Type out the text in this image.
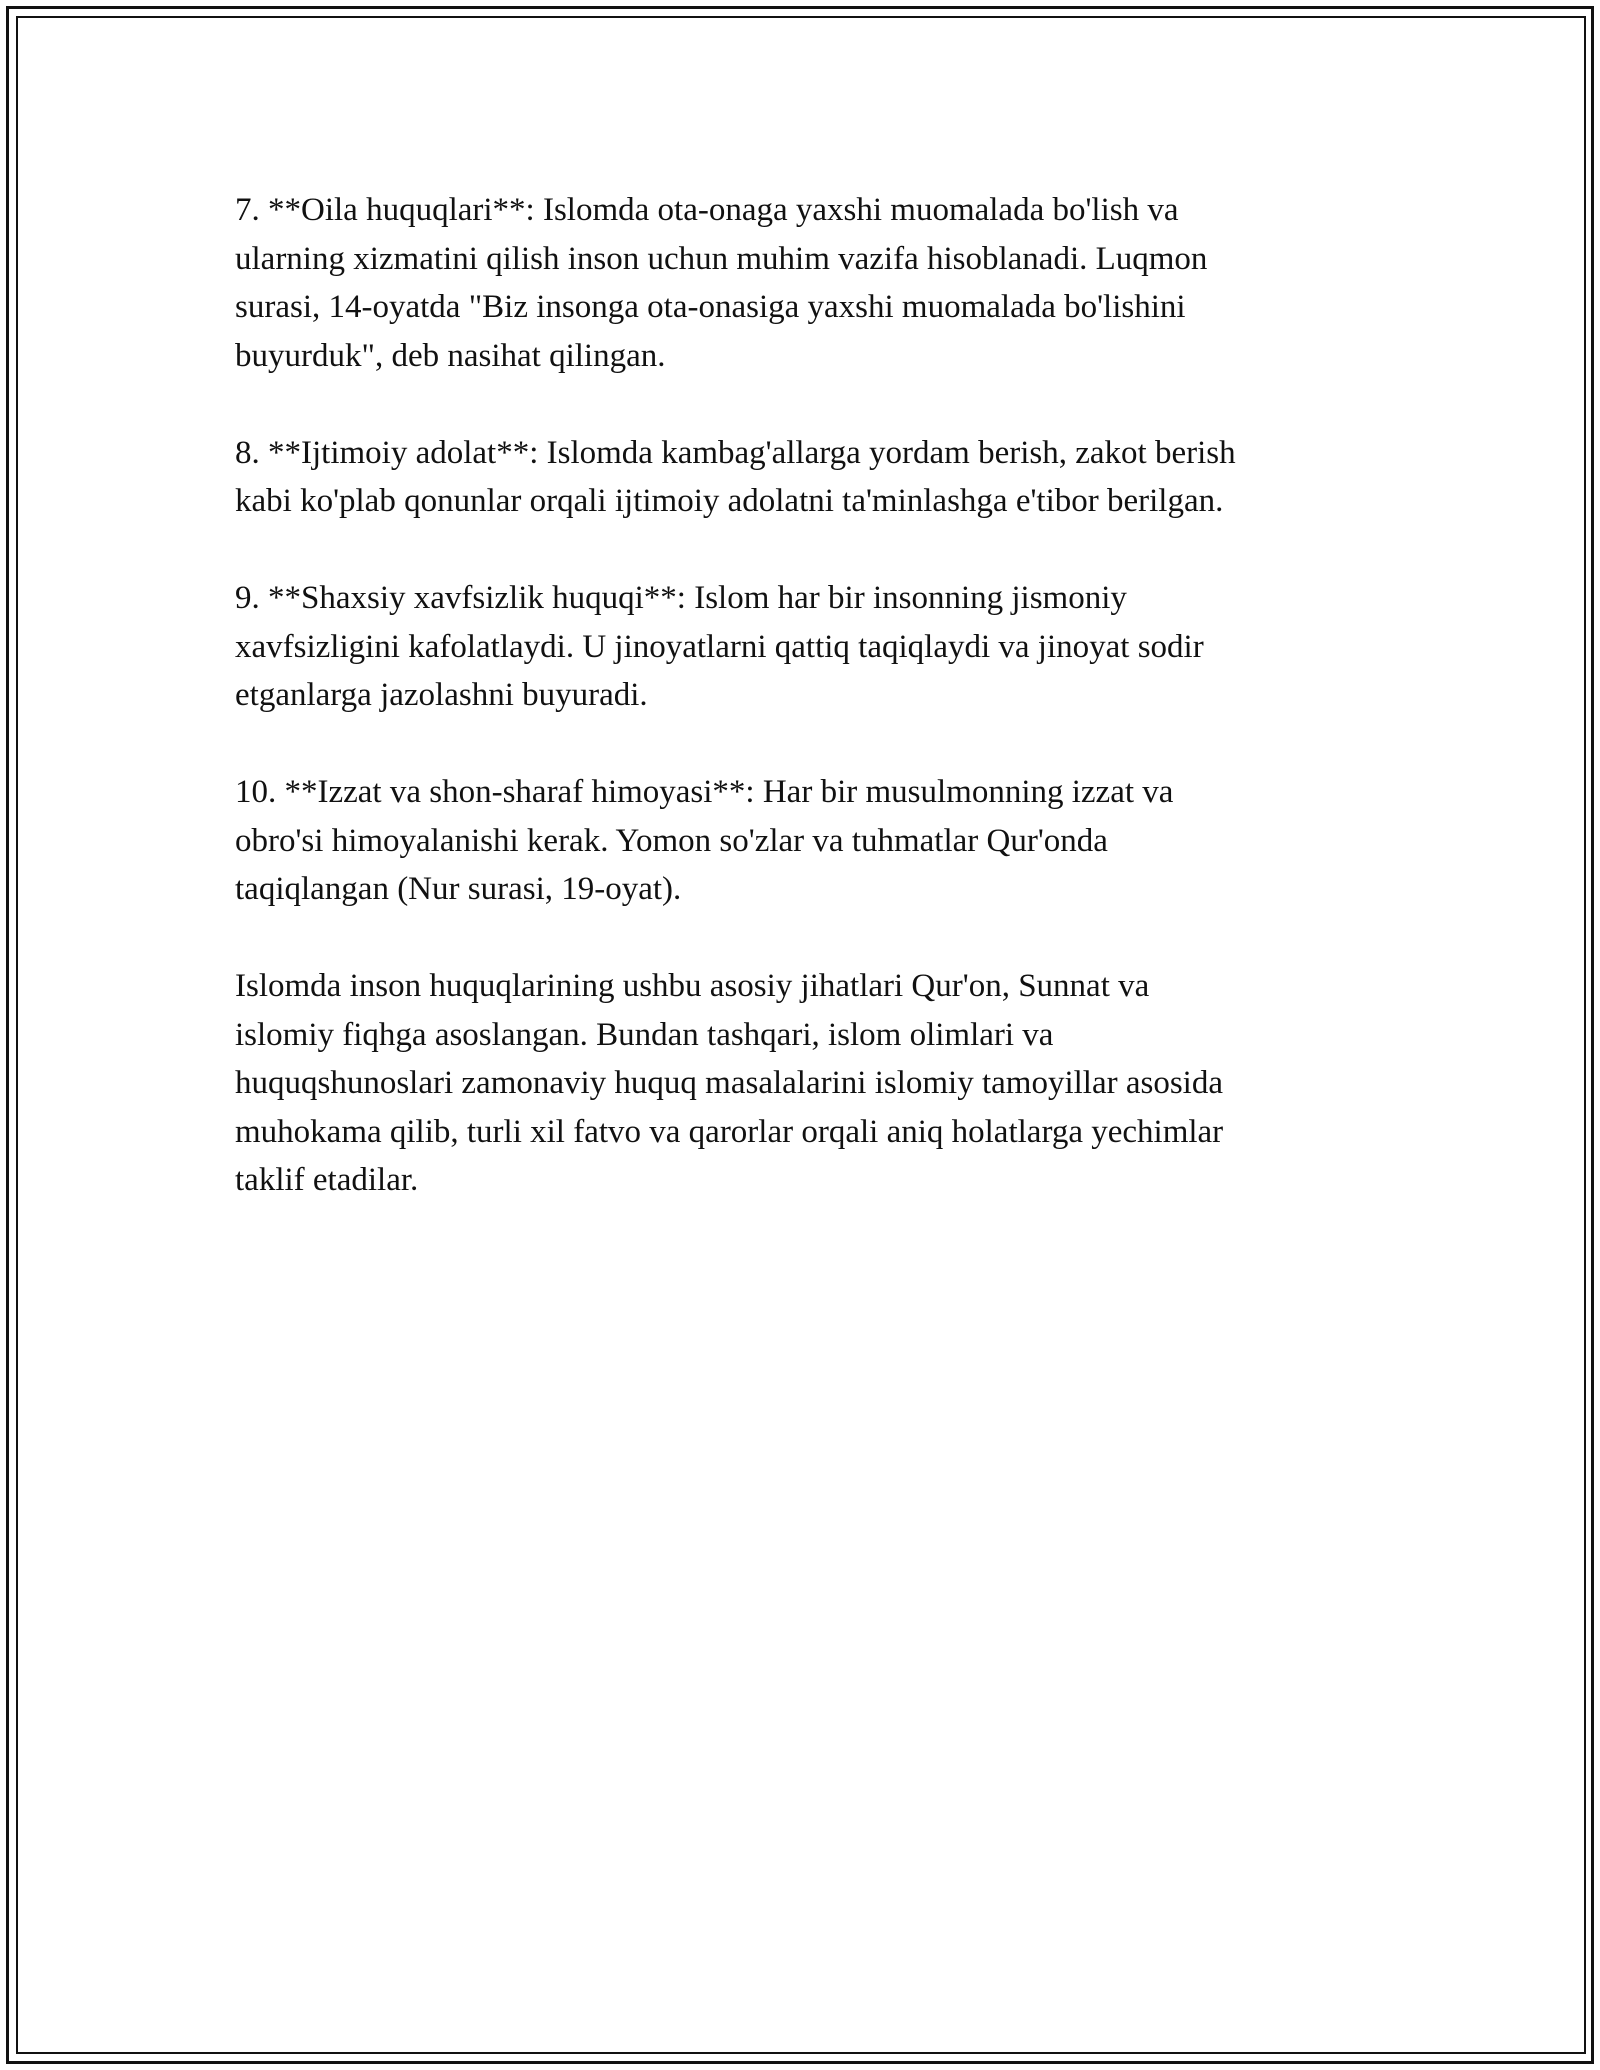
7. **Oila huquqlari**: Islomda ota-onaga yaxshi muomalada bo'lish va
ularning xizmatini qilish inson uchun muhim vazifa hisoblanadi. Luqmon
surasi, 14-oyatda "Biz insonga ota-onasiga yaxshi muomalada bo'lishini
buyurduk", deb nasihat qilingan.

8. **Ijtimoiy adolat**: Islomda kambag'allarga yordam berish, zakot berish
kabi ko'plab qonunlar orqali ijtimoiy adolatni ta'minlashga e'tibor berilgan.

9. **Shaxsiy xavfsizlik huquqi**: Islom har bir insonning jismoniy
xavfsizligini kafolatlaydi. U jinoyatlarni qattiq taqiqlaydi va jinoyat sodir
etganlarga jazolashni buyuradi.

10. **Izzat va shon-sharaf himoyasi**: Har bir musulmonning izzat va
obro'si himoyalanishi kerak. Yomon so'zlar va tuhmatlar Qur'onda
taqiqlangan (Nur surasi, 19-oyat).

Islomda inson huquqlarining ushbu asosiy jihatlari Qur'on, Sunnat va
islomiy fiqhga asoslangan. Bundan tashqari, islom olimlari va
huquqshunoslari zamonaviy huquq masalalarini islomiy tamoyillar asosida
muhokama qilib, turli xil fatvo va qarorlar orqali aniq holatlarga yechimlar
taklif etadilar.
